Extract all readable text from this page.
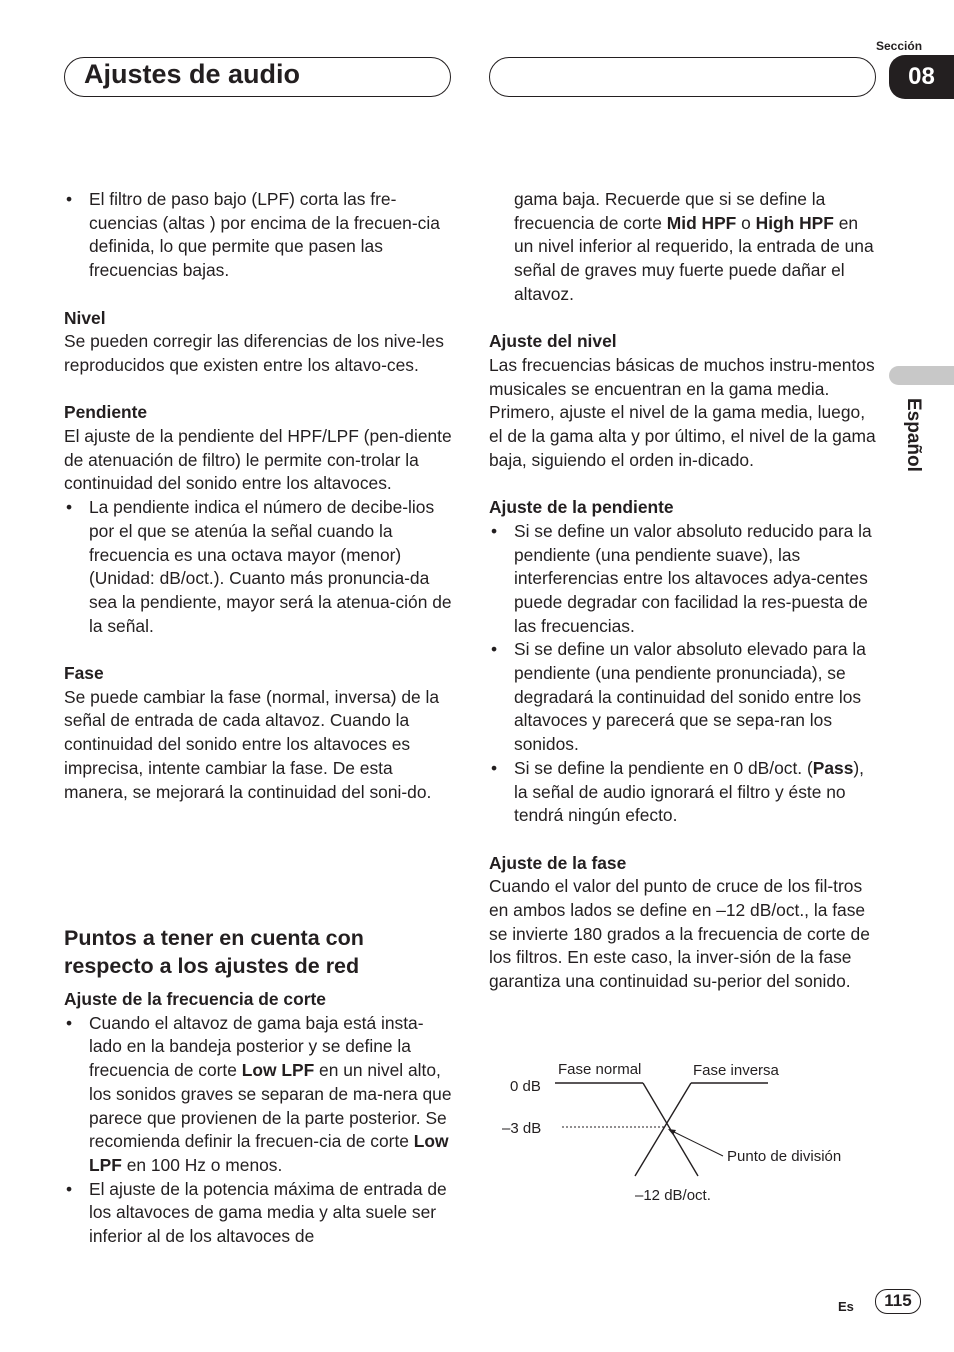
Ajustes de audio
Sección
08
Español

• El filtro de paso bajo (LPF) corta las fre-cuencias (altas ) por encima de la frecuen-cia definida, lo que permite que pasen las frecuencias bajas.

Nivel

Se pueden corregir las diferencias de los nive-les reproducidos que existen entre los altavo-ces.

Pendiente

El ajuste de la pendiente del HPF/LPF (pen-diente de atenuación de filtro) le permite con-trolar la continuidad del sonido entre los altavoces.

• La pendiente indica el número de decibe-lios por el que se atenúa la señal cuando la frecuencia es una octava mayor (menor) (Unidad: dB/oct.). Cuanto más pronuncia-da sea la pendiente, mayor será la atenua-ción de la señal.

Fase

Se puede cambiar la fase (normal, inversa) de la señal de entrada de cada altavoz. Cuando la continuidad del sonido entre los altavoces es imprecisa, intente cambiar la fase. De esta manera, se mejorará la continuidad del soni-do.

Puntos a tener en cuenta con respecto a los ajustes de red

Ajuste de la frecuencia de corte

• Cuando el altavoz de gama baja está insta-lado en la bandeja posterior y se define la frecuencia de corte Low LPF en un nivel alto, los sonidos graves se separan de ma-nera que parece que provienen de la parte posterior. Se recomienda definir la frecuen-cia de corte Low LPF en 100 Hz o menos.

• El ajuste de la potencia máxima de entrada de los altavoces de gama media y alta suele ser inferior al de los altavoces de

gama baja. Recuerde que si se define la frecuencia de corte Mid HPF o High HPF en un nivel inferior al requerido, la entrada de una señal de graves muy fuerte puede dañar el altavoz.

Ajuste del nivel

Las frecuencias básicas de muchos instru-mentos musicales se encuentran en la gama media. Primero, ajuste el nivel de la gama media, luego, el de la gama alta y por último, el nivel de la gama baja, siguiendo el orden in-dicado.

Ajuste de la pendiente

• Si se define un valor absoluto reducido para la pendiente (una pendiente suave), las interferencias entre los altavoces adya-centes puede degradar con facilidad la res-puesta de las frecuencias.

• Si se define un valor absoluto elevado para la pendiente (una pendiente pronunciada), se degradará la continuidad del sonido entre los altavoces y parecerá que se sepa-ran los sonidos.

• Si se define la pendiente en 0 dB/oct. (Pass), la señal de audio ignorará el filtro y éste no tendrá ningún efecto.

Ajuste de la fase

Cuando el valor del punto de cruce de los fil-tros en ambos lados se define en –12 dB/oct., la fase se invierte 180 grados a la frecuencia de corte de los filtros. En este caso, la inver-sión de la fase garantiza una continuidad su-perior del sonido.

0 dB
–3 dB
Fase normal	Fase inversa
Punto de división
–12 dB/oct.
Es	115
